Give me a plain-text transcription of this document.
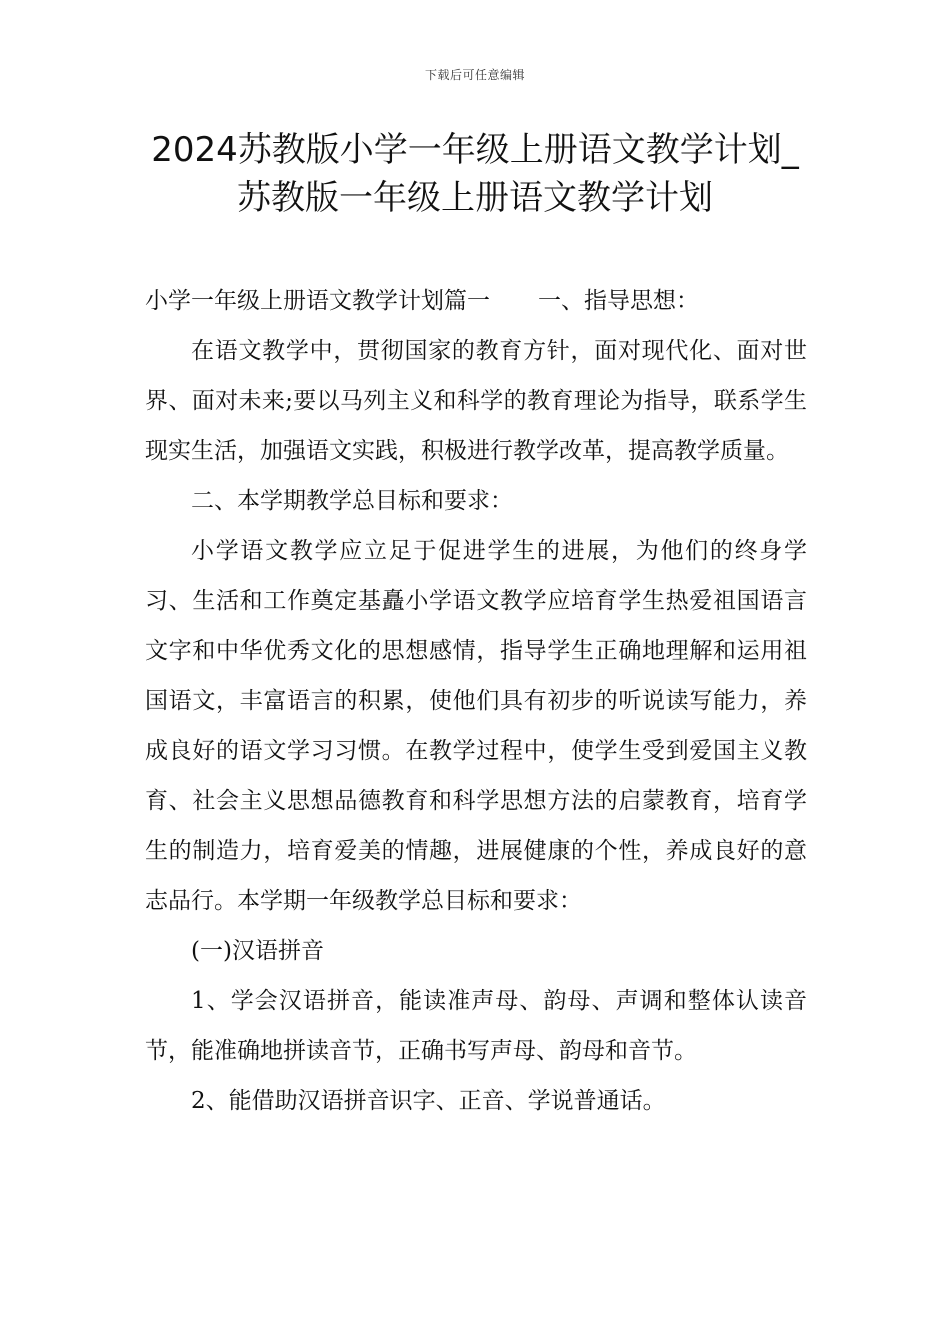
下载后可任意编辑
2024苏教版小学一年级上册语文教学计划_
苏教版一年级上册语文教学计划

小学一年级上册语文教学计划篇一 一、指导思想：

在语文教学中，贯彻国家的教育方针，面对现代化、面对世界、面对未来;要以马列主义和科学的教育理论为指导，联系学生现实生活，加强语文实践，积极进行教学改革，提高教学质量。

二、本学期教学总目标和要求：

小学语文教学应立足于促进学生的进展，为他们的终身学习、生活和工作奠定基矗小学语文教学应培育学生热爱祖国语言文字和中华优秀文化的思想感情，指导学生正确地理解和运用祖国语文，丰富语言的积累，使他们具有初步的听说读写能力，养成良好的语文学习习惯。在教学过程中，使学生受到爱国主义教育、社会主义思想品德教育和科学思想方法的启蒙教育，培育学生的制造力，培育爱美的情趣，进展健康的个性，养成良好的意志品行。本学期一年级教学总目标和要求：

(一)汉语拼音

1、学会汉语拼音，能读准声母、韵母、声调和整体认读音节，能准确地拼读音节，正确书写声母、韵母和音节。

2、能借助汉语拼音识字、正音、学说普通话。
